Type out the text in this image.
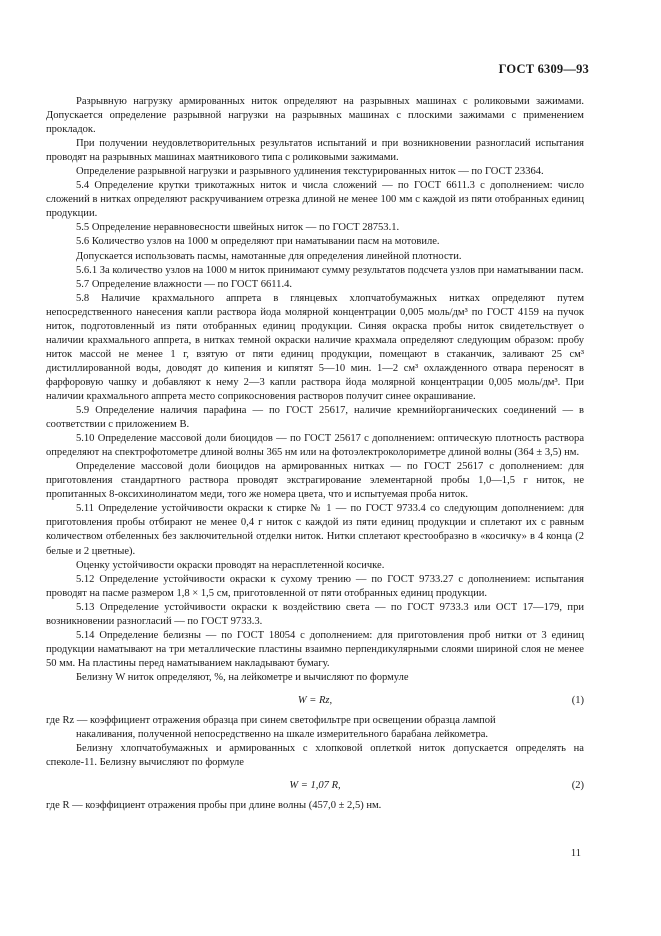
ГОСТ 6309—93

Разрывную нагрузку армированных ниток определяют на разрывных машинах с роликовыми зажимами. Допускается определение разрывной нагрузки на разрывных машинах с плоскими зажимами с применением прокладок.

При получении неудовлетворительных результатов испытаний и при возникновении разногласий испытания проводят на разрывных машинах маятникового типа с роликовыми зажимами.

Определение разрывной нагрузки и разрывного удлинения текстурированных ниток — по ГОСТ 23364.

5.4 Определение крутки трикотажных ниток и числа сложений — по ГОСТ 6611.3 с дополнением: число сложений в нитках определяют раскручиванием отрезка длиной не менее 100 мм с каждой из пяти отобранных единиц продукции.

5.5 Определение неравновесности швейных ниток — по ГОСТ 28753.1.

5.6 Количество узлов на 1000 м определяют при наматывании пасм на мотовиле.

Допускается использовать пасмы, намотанные для определения линейной плотности.

5.6.1 За количество узлов на 1000 м ниток принимают сумму результатов подсчета узлов при наматывании пасм.

5.7 Определение влажности — по ГОСТ 6611.4.

5.8 Наличие крахмального аппрета в глянцевых хлопчатобумажных нитках определяют путем непосредственного нанесения капли раствора йода молярной концентрации 0,005 моль/дм³ по ГОСТ 4159 на пучок ниток, подготовленный из пяти отобранных единиц продукции. Синяя окраска пробы ниток свидетельствует о наличии крахмального аппрета, в нитках темной окраски наличие крахмала определяют следующим образом: пробу ниток массой не менее 1 г, взятую от пяти единиц продукции, помещают в стаканчик, заливают 25 см³ дистиллированной воды, доводят до кипения и кипятят 5—10 мин. 1—2 см³ охлажденного отвара переносят в фарфоровую чашку и добавляют к нему 2—3 капли раствора йода молярной концентрации 0,005 моль/дм³. При наличии крахмального аппрета место соприкосновения растворов получит синее окрашивание.

5.9 Определение наличия парафина — по ГОСТ 25617, наличие кремнийорганических соединений — в соответствии с приложением В.

5.10 Определение массовой доли биоцидов — по ГОСТ 25617 с дополнением: оптическую плотность раствора определяют на спектрофотометре длиной волны 365 нм или на фотоэлектроколориметре длиной волны (364 ± 3,5) нм.

Определение массовой доли биоцидов на армированных нитках — по ГОСТ 25617 с дополнением: для приготовления стандартного раствора проводят экстрагирование элементарной пробы 1,0—1,5 г ниток, не пропитанных 8-оксихинолинатом меди, того же номера цвета, что и испытуемая проба ниток.

5.11 Определение устойчивости окраски к стирке № 1 — по ГОСТ 9733.4 со следующим дополнением: для приготовления пробы отбирают не менее 0,4 г ниток с каждой из пяти единиц продукции и сплетают их с равным количеством отбеленных без заключительной отделки ниток. Нитки сплетают крестообразно в «косичку» в 4 конца (2 белые и 2 цветные).

Оценку устойчивости окраски проводят на нерасплетенной косичке.

5.12 Определение устойчивости окраски к сухому трению — по ГОСТ 9733.27 с дополнением: испытания проводят на пасме размером 1,8 × 1,5 см, приготовленной от пяти отобранных единиц продукции.

5.13 Определение устойчивости окраски к воздействию света — по ГОСТ 9733.3 или ОСТ 17—179, при возникновении разногласий — по ГОСТ 9733.3.

5.14 Определение белизны — по ГОСТ 18054 с дополнением: для приготовления проб нитки от 3 единиц продукции наматывают на три металлические пластины взаимно перпендикулярными слоями шириной слоя не менее 50 мм. На пластины перед наматыванием накладывают бумагу.

Белизну W ниток определяют, %, на лейкометре и вычисляют по формуле

W = Rz,	(1)

где Rz — коэффициент отражения образца при синем светофильтре при освещении образца лампой

накаливания, полученной непосредственно на шкале измерительного барабана лейкометра.

Белизну хлопчатобумажных и армированных с хлопковой оплеткой ниток допускается определять на спеколе-11. Белизну вычисляют по формуле

W = 1,07 R,	(2)

где R — коэффициент отражения пробы при длине волны (457,0 ± 2,5) нм.

11
